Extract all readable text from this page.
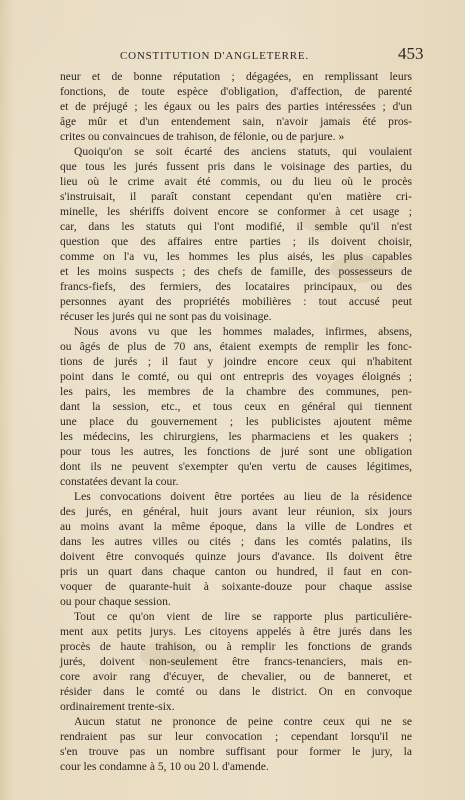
CONSTITUTION D'ANGLETERRE.	453
neur et de bonne réputation ; dégagées, en remplissant leurs
fonctions, de toute espèce d'obligation, d'affection, de parenté
et de préjugé ; les égaux ou les pairs des parties intéressées ; d'un
âge mûr et d'un entendement sain, n'avoir jamais été pros-
crites ou convaincues de trahison, de félonie, ou de parjure. »
Quoiqu'on se soit écarté des anciens statuts, qui voulaient
que tous les jurés fussent pris dans le voisinage des parties, du
lieu où le crime avait été commis, ou du lieu où le procès
s'instruisait, il paraît constant cependant qu'en matière cri-
minelle, les shériffs doivent encore se conformer à cet usage ;
car, dans les statuts qui l'ont modifié, il semble qu'il n'est
question que des affaires entre parties ; ils doivent choisir,
comme on l'a vu, les hommes les plus aisés, les plus capables
et les moins suspects ; des chefs de famille, des possesseurs de
francs-fiefs, des fermiers, des locataires principaux, ou des
personnes ayant des propriétés mobilières : tout accusé peut
récuser les jurés qui ne sont pas du voisinage.
Nous avons vu que les hommes malades, infirmes, absens,
ou âgés de plus de 70 ans, étaient exempts de remplir les fonc-
tions de jurés ; il faut y joindre encore ceux qui n'habitent
point dans le comté, ou qui ont entrepris des voyages éloignés ;
les pairs, les membres de la chambre des communes, pen-
dant la session, etc., et tous ceux en général qui tiennent
une place du gouvernement ; les publicistes ajoutent même
les médecins, les chirurgiens, les pharmaciens et les quakers ;
pour tous les autres, les fonctions de juré sont une obligation
dont ils ne peuvent s'exempter qu'en vertu de causes légitimes,
constatées devant la cour.
Les convocations doivent être portées au lieu de la résidence
des jurés, en général, huit jours avant leur réunion, six jours
au moins avant la même époque, dans la ville de Londres et
dans les autres villes ou cités ; dans les comtés palatins, ils
doivent être convoqués quinze jours d'avance. Ils doivent être
pris un quart dans chaque canton ou hundred, il faut en con-
voquer de quarante-huit à soixante-douze pour chaque assise
ou pour chaque session.
Tout ce qu'on vient de lire se rapporte plus particulière-
ment aux petits jurys. Les citoyens appelés à être jurés dans les
procès de haute trahison, ou à remplir les fonctions de grands
jurés, doivent non-seulement être francs-tenanciers, mais en-
core avoir rang d'écuyer, de chevalier, ou de banneret, et
résider dans le comté ou dans le district. On en convoque
ordinairement trente-six.
Aucun statut ne prononce de peine contre ceux qui ne se
rendraient pas sur leur convocation ; cependant lorsqu'il ne
s'en trouve pas un nombre suffisant pour former le jury, la
cour les condamne à 5, 10 ou 20 l. d'amende.
